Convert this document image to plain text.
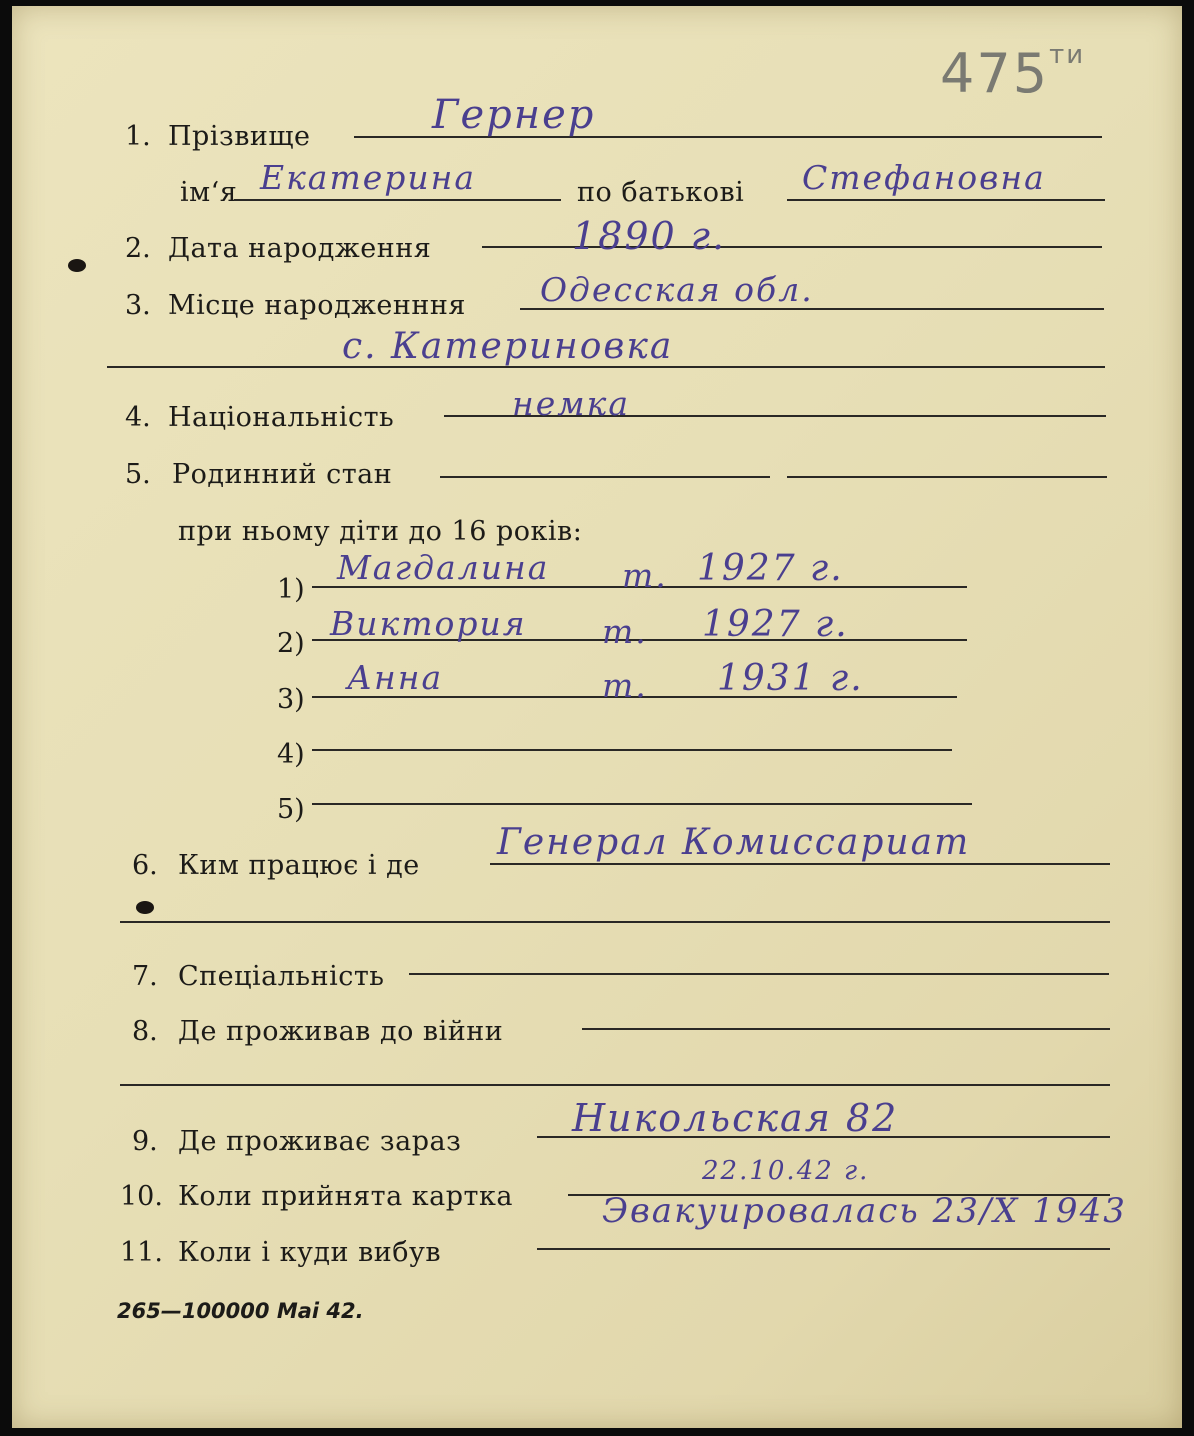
$475^{ти}$
1. Прізвище	Гернер
ім‘я Екатерина	по батькові Стефановна
2. Дата народження	1890 г.
3. Місце народженння Одесская обл.
с. Катериновка
4. Національність	немка
5. Родинний стан
при ньому діти до 16 років:
1)
Магдалина т. 1927 г.
2)
Виктория т. 1927 г.
3)
Анна	т. 1931 г.
4)
5)
6. Ким працює і де
Генерал Комиссариат
7. Спеціальність
8. Де проживав до війни
9. Де проживає зараз
Никольская 82
10. Коли прийнята картка
22.10.42 г.
11. Коли і куди вибув
Эвакуировалась 23/X 1943
265—100000 Mai 42.
